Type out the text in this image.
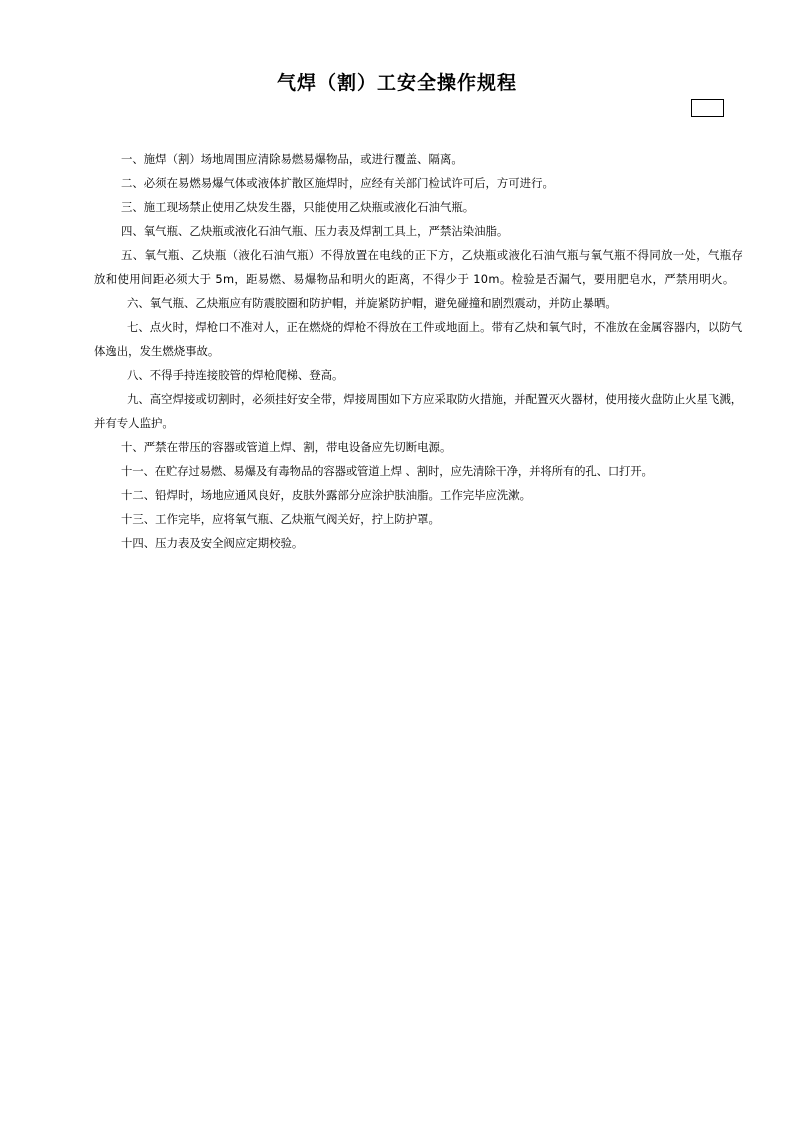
气焊（割）工安全操作规程

一、施焊（割）场地周围应清除易燃易爆物品，或进行覆盖、隔离。

二、必须在易燃易爆气体或液体扩散区施焊时，应经有关部门检试许可后，方可进行。

三、施工现场禁止使用乙炔发生器，只能使用乙炔瓶或液化石油气瓶。

四、氧气瓶、乙炔瓶或液化石油气瓶、压力表及焊割工具上，严禁沾染油脂。

五、氧气瓶、乙炔瓶（液化石油气瓶）不得放置在电线的正下方，乙炔瓶或液化石油气瓶与氧气瓶不得同放一处，气瓶存放和使用间距必须大于 5m，距易燃、易爆物品和明火的距离，不得少于 10m。检验是否漏气，要用肥皂水，严禁用明火。

六、氧气瓶、乙炔瓶应有防震胶圈和防护帽，并旋紧防护帽，避免碰撞和剧烈震动，并防止暴晒。

七、点火时，焊枪口不准对人，正在燃烧的焊枪不得放在工件或地面上。带有乙炔和氧气时，不准放在金属容器内，以防气体逸出，发生燃烧事故。

八、不得手持连接胶管的焊枪爬梯、登高。

九、高空焊接或切割时，必须挂好安全带，焊接周围如下方应采取防火措施，并配置灭火器材，使用接火盘防止火星飞溅，并有专人监护。

十、严禁在带压的容器或管道上焊、割，带电设备应先切断电源。

十一、在贮存过易燃、易爆及有毒物品的容器或管道上焊 、割时，应先清除干净，并将所有的孔、口打开。

十二、铅焊时，场地应通风良好，皮肤外露部分应涂护肤油脂。工作完毕应洗漱。

十三、工作完毕，应将氧气瓶、乙炔瓶气阀关好，拧上防护罩。

十四、压力表及安全阀应定期校验。
